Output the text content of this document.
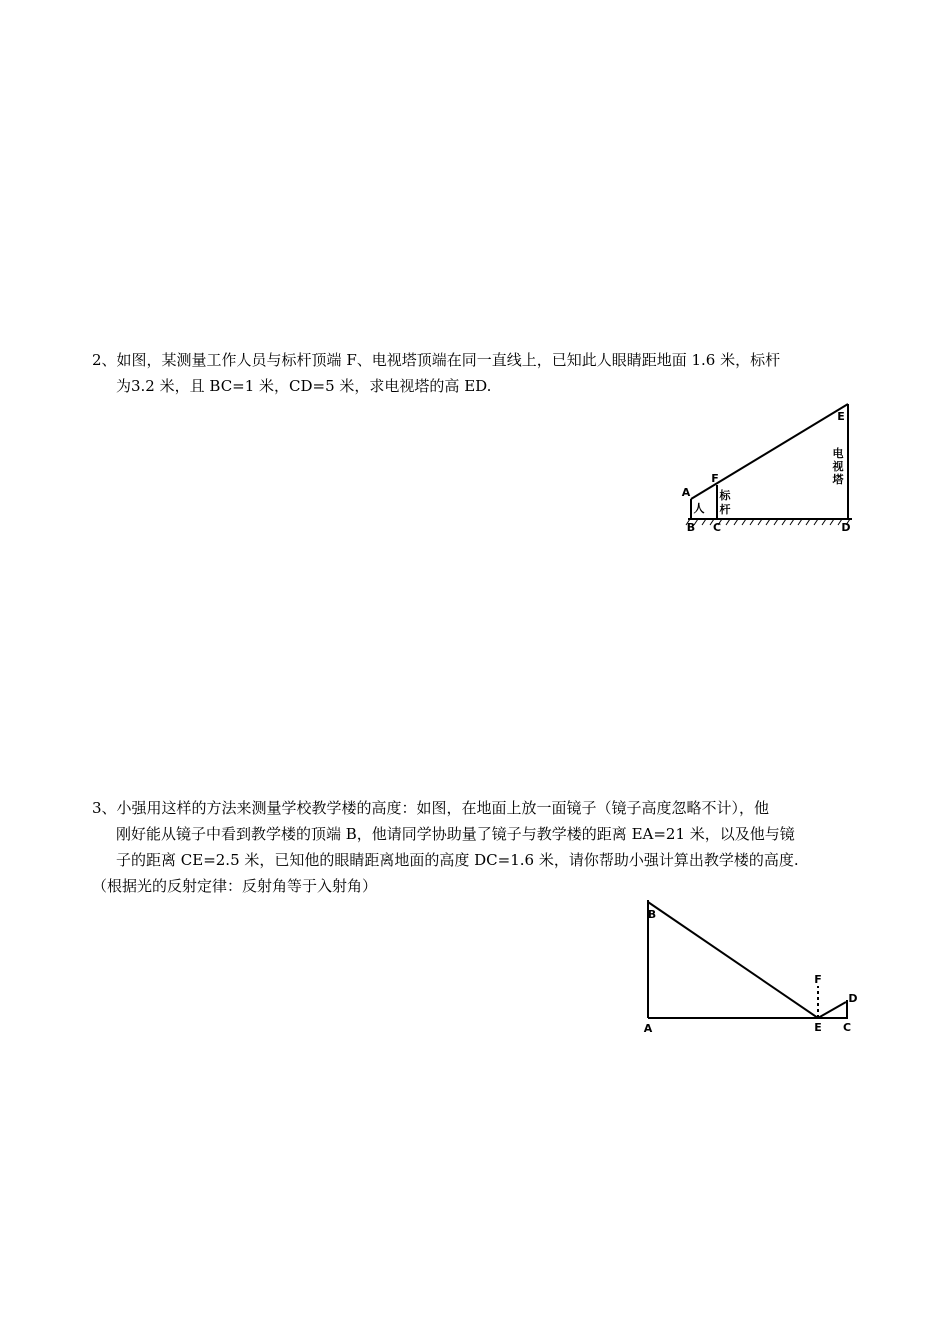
2、如图，某测量工作人员与标杆顶端 F、电视塔顶端在同一直线上，已知此人眼睛距地面 1.6 米，标杆

为3.2 米，且 BC=1 米，CD=5 米，求电视塔的高 ED.

A
B C	D
E
F
人
标
杆
电
视
塔

3、小强用这样的方法来测量学校教学楼的高度：如图，在地面上放一面镜子（镜子高度忽略不计），他

刚好能从镜子中看到教学楼的顶端 B，他请同学协助量了镜子与教学楼的距离 EA=21 米，以及他与镜

子的距离 CE=2.5 米，已知他的眼睛距离地面的高度 DC=1.6 米，请你帮助小强计算出教学楼的高度.

（根据光的反射定律：反射角等于入射角）

A
B
C
D
E
F
